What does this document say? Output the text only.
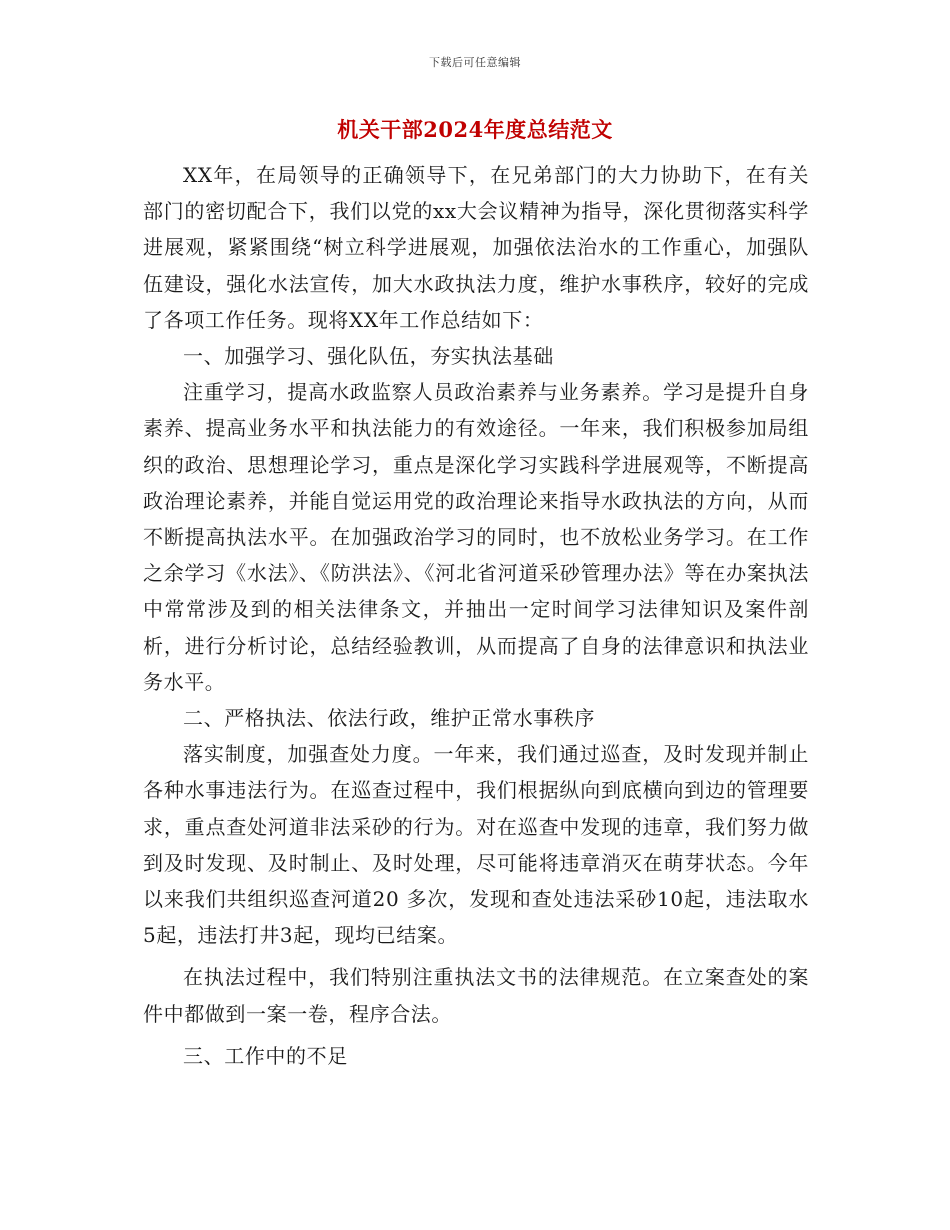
下载后可任意编辑
机关干部2024年度总结范文

XX年，在局领导的正确领导下，在兄弟部门的大力协助下，在有关部门的密切配合下，我们以党的xx大会议精神为指导，深化贯彻落实科学进展观，紧紧围绕“树立科学进展观，加强依法治水的工作重心，加强队伍建设，强化水法宣传，加大水政执法力度，维护水事秩序，较好的完成了各项工作任务。现将XX年工作总结如下：

一、加强学习、强化队伍，夯实执法基础

注重学习，提高水政监察人员政治素养与业务素养。学习是提升自身素养、提高业务水平和执法能力的有效途径。一年来，我们积极参加局组织的政治、思想理论学习，重点是深化学习实践科学进展观等，不断提高政治理论素养，并能自觉运用党的政治理论来指导水政执法的方向，从而不断提高执法水平。在加强政治学习的同时，也不放松业务学习。在工作之余学习《水法》、《防洪法》、《河北省河道采砂管理办法》等在办案执法中常常涉及到的相关法律条文，并抽出一定时间学习法律知识及案件剖析，进行分析讨论，总结经验教训，从而提高了自身的法律意识和执法业务水平。

二、严格执法、依法行政，维护正常水事秩序

落实制度，加强查处力度。一年来，我们通过巡查，及时发现并制止各种水事违法行为。在巡查过程中，我们根据纵向到底横向到边的管理要求，重点查处河道非法采砂的行为。对在巡查中发现的违章，我们努力做到及时发现、及时制止、及时处理，尽可能将违章消灭在萌芽状态。今年以来我们共组织巡查河道20 多次，发现和查处违法采砂10起，违法取水5起，违法打井3起，现均已结案。

在执法过程中，我们特别注重执法文书的法律规范。在立案查处的案件中都做到一案一卷，程序合法。

三、工作中的不足
